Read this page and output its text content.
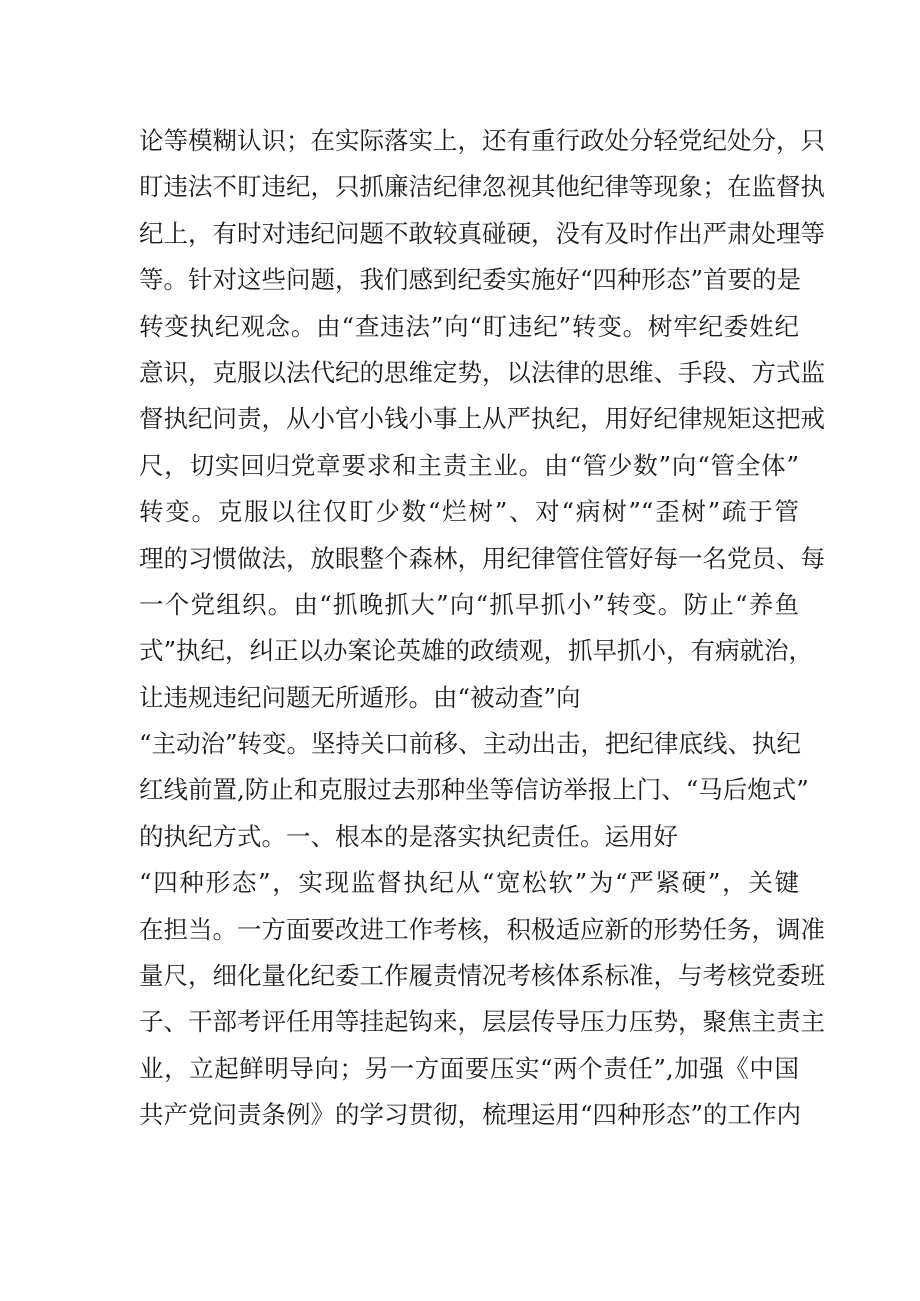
论等模糊认识；在实际落实上，还有重行政处分轻党纪处分，只
盯违法不盯违纪，只抓廉洁纪律忽视其他纪律等现象；在监督执
纪上，有时对违纪问题不敢较真碰硬，没有及时作出严肃处理等
等。针对这些问题，我们感到纪委实施好“四种形态”首要的是
转变执纪观念。由“查违法”向“盯违纪”转变。树牢纪委姓纪
意识，克服以法代纪的思维定势，以法律的思维、手段、方式监
督执纪问责，从小官小钱小事上从严执纪，用好纪律规矩这把戒
尺，切实回归党章要求和主责主业。由“管少数”向“管全体”
转变。克服以往仅盯少数“烂树”、对“病树”“歪树”疏于管
理的习惯做法，放眼整个森林，用纪律管住管好每一名党员、每
一个党组织。由“抓晚抓大”向“抓早抓小”转变。防止“养鱼
式”执纪，纠正以办案论英雄的政绩观，抓早抓小，有病就治，
让违规违纪问题无所遁形。由“被动查”向
“主动治”转变。坚持关口前移、主动出击，把纪律底线、执纪
红线前置,防止和克服过去那种坐等信访举报上门、“马后炮式”
的执纪方式。一、根本的是落实执纪责任。运用好
“四种形态”，实现监督执纪从“宽松软”为“严紧硬”，关键
在担当。一方面要改进工作考核，积极适应新的形势任务，调准
量尺，细化量化纪委工作履责情况考核体系标准，与考核党委班
子、干部考评任用等挂起钩来，层层传导压力压势，聚焦主责主
业，立起鲜明导向；另一方面要压实“两个责任”,加强《中国
共产党问责条例》的学习贯彻，梳理运用“四种形态”的工作内
